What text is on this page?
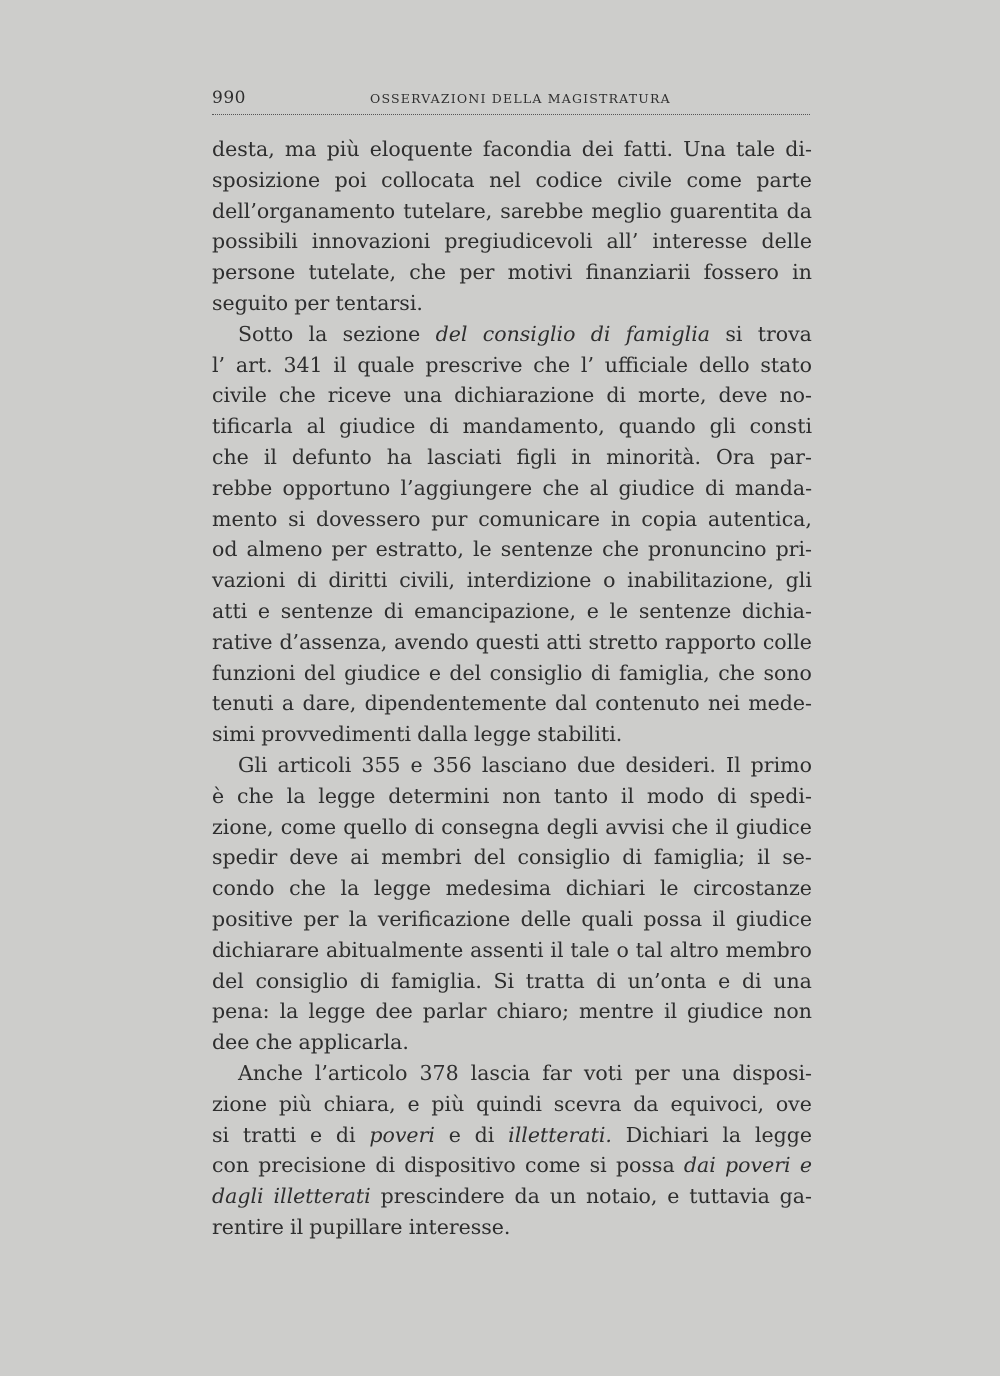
990	OSSERVAZIONI DELLA MAGISTRATURA
desta, ma più eloquente facondia dei fatti. Una tale di-
sposizione poi collocata nel codice civile come parte
dell’organamento tutelare, sarebbe meglio guarentita da
possibili innovazioni pregiudicevoli all’ interesse delle
persone tutelate, che per motivi finanziarii fossero in
seguito per tentarsi.
Sotto la sezione del consiglio di famiglia si trova
l’ art. 341 il quale prescrive che l’ ufficiale dello stato
civile che riceve una dichiarazione di morte, deve no-
tificarla al giudice di mandamento, quando gli consti
che il defunto ha lasciati figli in minorità. Ora par-
rebbe opportuno l’aggiungere che al giudice di manda-
mento si dovessero pur comunicare in copia autentica,
od almeno per estratto, le sentenze che pronuncino pri-
vazioni di diritti civili, interdizione o inabilitazione, gli
atti e sentenze di emancipazione, e le sentenze dichia-
rative d’assenza, avendo questi atti stretto rapporto colle
funzioni del giudice e del consiglio di famiglia, che sono
tenuti a dare, dipendentemente dal contenuto nei mede-
simi provvedimenti dalla legge stabiliti.
Gli articoli 355 e 356 lasciano due desideri. Il primo
è che la legge determini non tanto il modo di spedi-
zione, come quello di consegna degli avvisi che il giudice
spedir deve ai membri del consiglio di famiglia; il se-
condo che la legge medesima dichiari le circostanze
positive per la verificazione delle quali possa il giudice
dichiarare abitualmente assenti il tale o tal altro membro
del consiglio di famiglia. Si tratta di un’onta e di una
pena: la legge dee parlar chiaro; mentre il giudice non
dee che applicarla.
Anche l’articolo 378 lascia far voti per una disposi-
zione più chiara, e più quindi scevra da equivoci, ove
si tratti e di poveri e di illetterati. Dichiari la legge
con precisione di dispositivo come si possa dai poveri e
dagli illetterati prescindere da un notaio, e tuttavia ga-
rentire il pupillare interesse.
